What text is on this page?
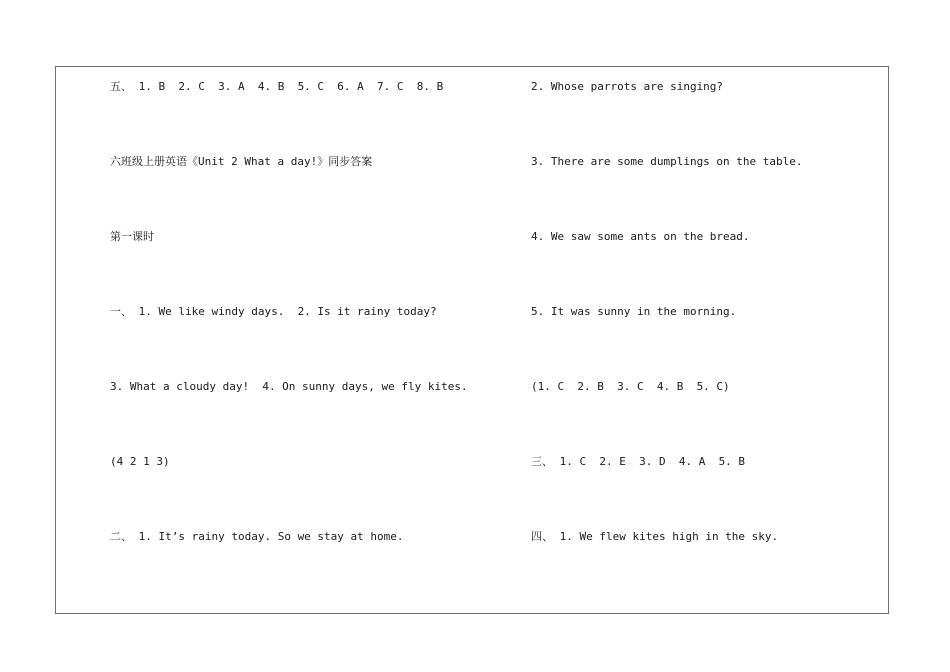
五、 1. B  2. C  3. A  4. B  5. C  6. A  7. C  8. B
六班级上册英语《Unit 2 What a day!》同步答案
第一课时
一、 1. We like windy days.  2. Is it rainy today?
3. What a cloudy day!  4. On sunny days, we fly kites.
(4 2 1 3)
二、 1. It’s rainy today. So we stay at home.
2. Whose parrots are singing?
3. There are some dumplings on the table.
4. We saw some ants on the bread.
5. It was sunny in the morning.
(1. C  2. B  3. C  4. B  5. C)
三、 1. C  2. E  3. D  4. A  5. B
四、 1. We flew kites high in the sky.
